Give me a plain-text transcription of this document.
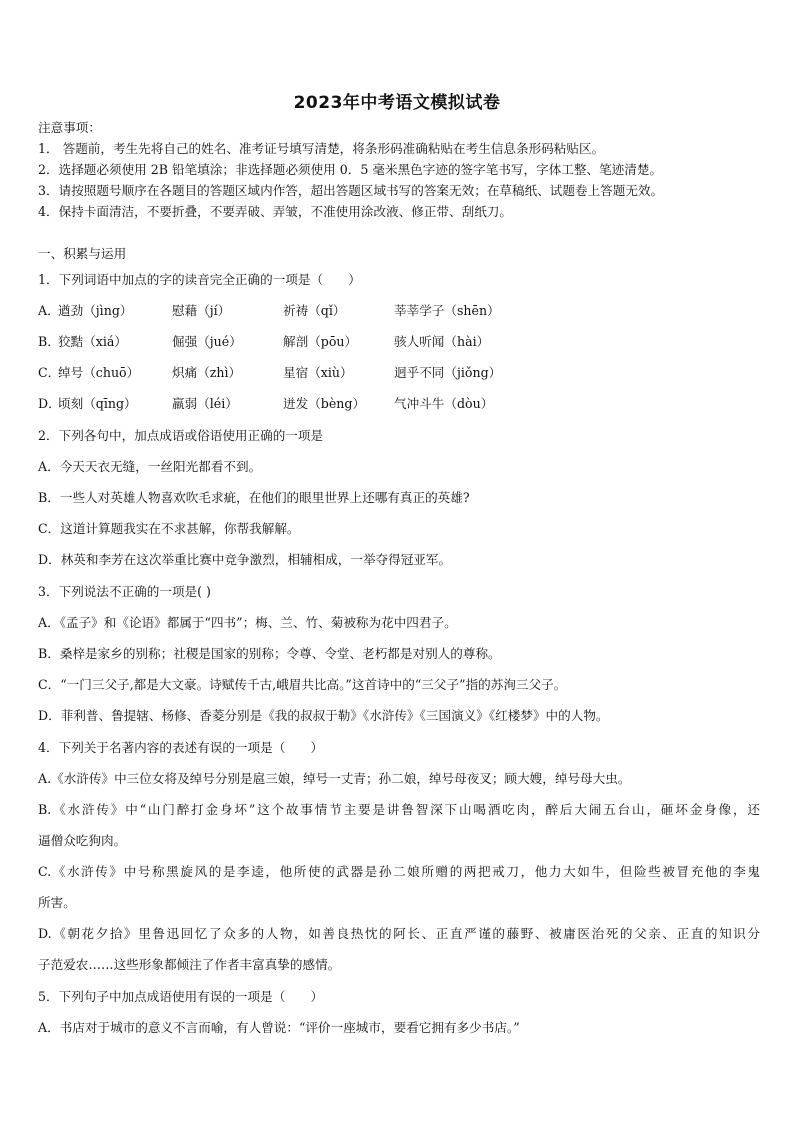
2023年中考语文模拟试卷
注意事项：
1． 答题前，考生先将自己的姓名、准考证号填写清楚，将条形码准确粘贴在考生信息条形码粘贴区。
2．选择题必须使用 2B 铅笔填涂；非选择题必须使用 0．5 毫米黑色字迹的签字笔书写，字体工整、笔迹清楚。
3．请按照题号顺序在各题目的答题区域内作答，超出答题区域书写的答案无效；在草稿纸、试题卷上答题无效。
4．保持卡面清洁，不要折叠，不要弄破、弄皱，不准使用涂改液、修正带、刮纸刀。
一、积累与运用
1．下列词语中加点的字的读音完全正确的一项是（　　）
A．遒劲（jìng）	慰藉（jí）	祈祷（qǐ）	莘莘学子（shēn）
B．狡黠（xiá）	倔强（jué）	解剖（pōu）	骇人听闻（hài）
C．绰号（chuō）	炽痛（zhì）	星宿（xiù）	迥乎不同（jiǒng）
D．顷刻（qīng）	羸弱（léi）	迸发（bèng） 气冲斗牛（dòu）
2．下列各句中，加点成语或俗语使用正确的一项是
A．今天天衣无缝，一丝阳光都看不到。
B．一些人对英雄人物喜欢吹毛求疵，在他们的眼里世界上还哪有真正的英雄?
C．这道计算题我实在不求甚解，你帮我解解。
D．林英和李芳在这次举重比赛中竞争激烈，相辅相成，一举夺得冠亚军。
3．下列说法不正确的一项是( )
A．《孟子》和《论语》都属于“四书”；梅、兰、竹、菊被称为花中四君子。
B．桑梓是家乡的别称；社稷是国家的别称；令尊、令堂、老朽都是对别人的尊称。
C．“一门三父子,都是大文豪。诗赋传千古,峨眉共比高。”这首诗中的“三父子”指的苏洵三父子。
D．菲利普、鲁提辖、杨修、香菱分别是《我的叔叔于勒》《水浒传》《三国演义》《红楼梦》中的人物。
4．下列关于名著内容的表述有误的一项是（　　）
A.《水浒传》中三位女将及绰号分别是扈三娘，绰号一丈青；孙二娘，绰号母夜叉；顾大嫂，绰号母大虫。
B.《水浒传》中“山门醉打金身坏”这个故事情节主要是讲鲁智深下山喝酒吃肉，醉后大闹五台山，砸坏金身像，还
逼僧众吃狗肉。
C.《水浒传》中号称黑旋风的是李逵，他所使的武器是孙二娘所赠的两把戒刀，他力大如牛，但险些被冒充他的李鬼
所害。
D.《朝花夕拾》里鲁迅回忆了众多的人物，如善良热忱的阿长、正直严谨的藤野、被庸医治死的父亲、正直的知识分
子范爱农……这些形象都倾注了作者丰富真挚的感情。
5．下列句子中加点成语使用有误的一项是（　　）
A．书店对于城市的意义不言而喻，有人曾说：“评价一座城市，要看它拥有多少书店。”
